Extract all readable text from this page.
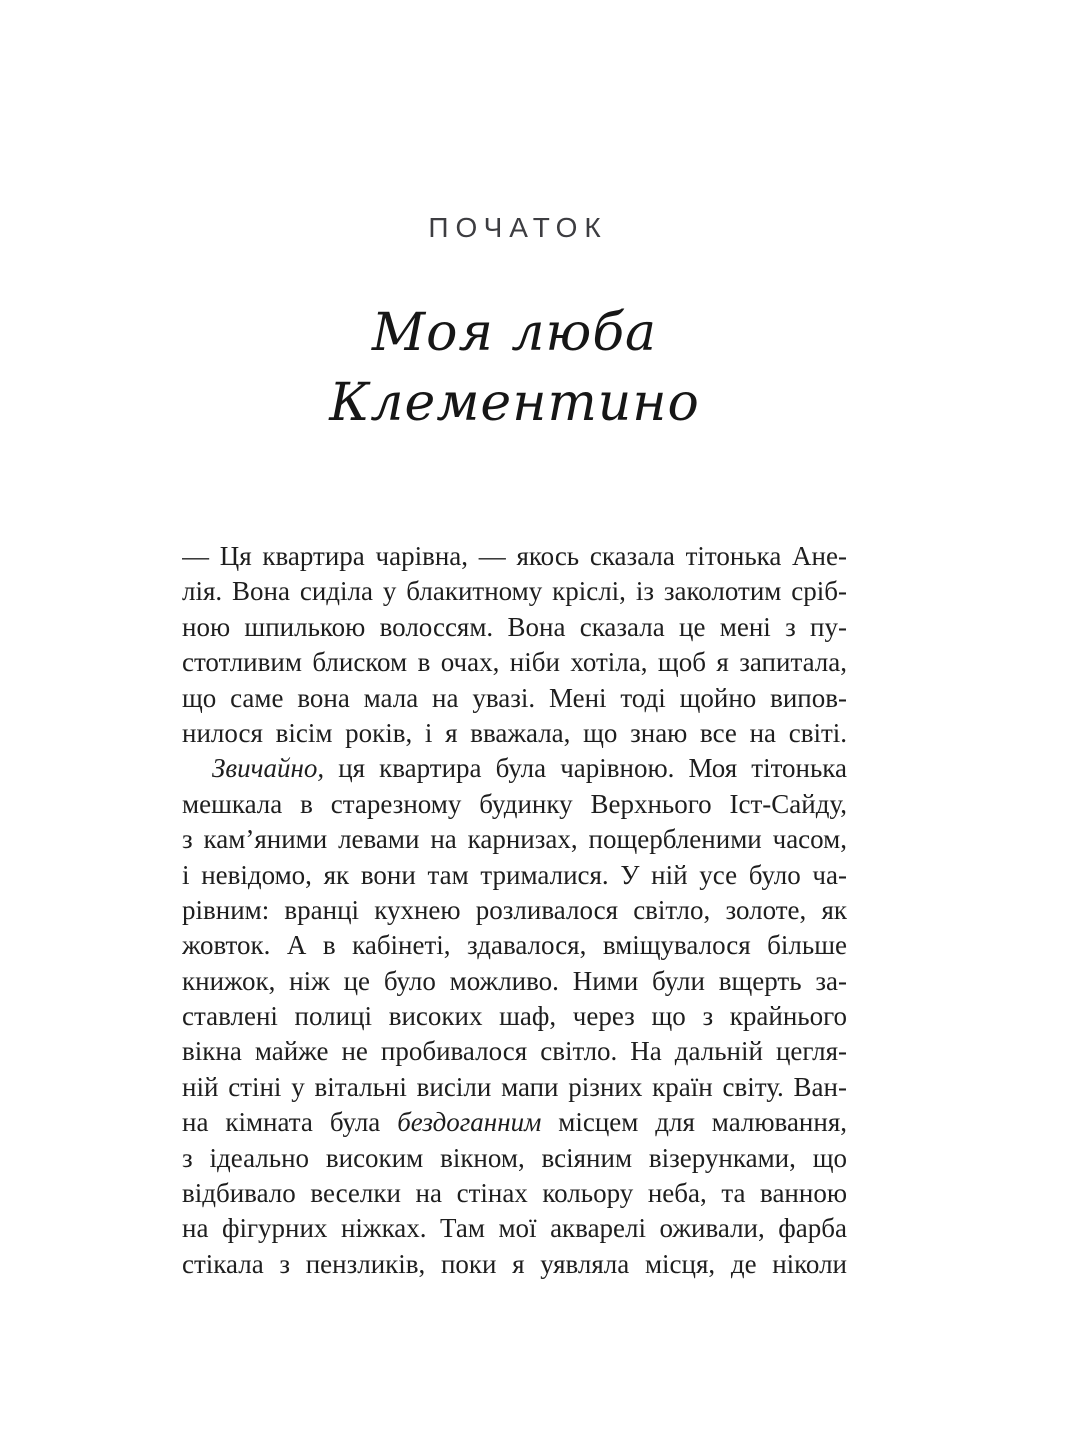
ПОЧАТОК
Моя люба
Клементино
— Ця квартира чарівна, — якось сказала тітонька Ане-
лія. Вона сиділа у блакитному кріслі, із заколотим сріб-
ною шпилькою волоссям. Вона сказала це мені з пу-
стотливим блиском в очах, ніби хотіла, щоб я запитала,
що саме вона мала на увазі. Мені тоді щойно випов-
нилося вісім років, і я вважала, що знаю все на світі.
Звичайно, ця квартира була чарівною. Моя тітонька
мешкала в старезному будинку Верхнього Іст-Сайду,
з кам’яними левами на карнизах, пощербленими часом,
і невідомо, як вони там трималися. У ній усе було ча-
рівним: вранці кухнею розливалося світло, золоте, як
жовток. А в кабінеті, здавалося, вміщувалося більше
книжок, ніж це було можливо. Ними були вщерть за-
ставлені полиці високих шаф, через що з крайнього
вікна майже не пробивалося світло. На дальній цегля-
ній стіні у вітальні висіли мапи різних країн світу. Ван-
на кімната була бездоганним місцем для малювання,
з ідеально високим вікном, всіяним візерунками, що
відбивало веселки на стінах кольору неба, та ванною
на фігурних ніжках. Там мої акварелі оживали, фарба
стікала з пензликів, поки я уявляла місця, де ніколи
